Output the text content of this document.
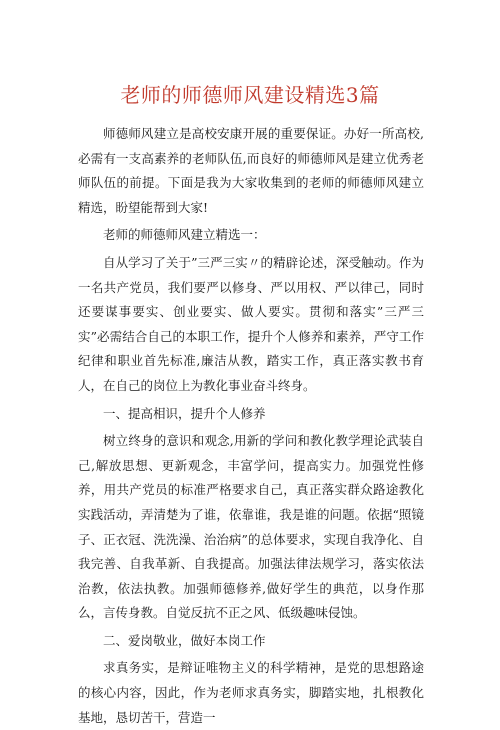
老师的师德师风建设精选3篇

师德师风建立是高校安康开展的重要保证。办好一所高校,必需有一支高素养的老师队伍,而良好的师德师风是建立优秀老师队伍的前提。下面是我为大家收集到的老师的师德师风建立精选，盼望能帮到大家!

老师的师德师风建立精选一：

自从学习了关于”三严三实〃的精辟论述，深受触动。作为一名共产党员，我们要严以修身、严以用权、严以律己，同时还要谋事要实、创业要实、做人要实。贯彻和落实”三严三实”必需结合自己的本职工作，提升个人修养和素养，严守工作纪律和职业首先标准,廉洁从教，踏实工作，真正落实教书育人，在自己的岗位上为教化事业奋斗终身。

一、提高相识，提升个人修养

树立终身的意识和观念,用新的学问和教化教学理论武装自己,解放思想、更新观念，丰富学问，提高实力。加强党性修养，用共产党员的标准严格要求自己，真正落实群众路途教化实践活动，弄清楚为了谁，依靠谁，我是谁的问题。依据“照镜子、正衣冠、洗洗澡、治治病”的总体要求，实现自我净化、自我完善、自我革新、自我提高。加强法律法规学习，落实依法治教，依法执教。加强师德修养,做好学生的典范，以身作那么，言传身教。自觉反抗不正之风、低级趣味侵蚀。

二、爱岗敬业，做好本岗工作

求真务实，是辩证唯物主义的科学精神，是党的思想路途的核心内容，因此，作为老师求真务实，脚踏实地，扎根教化基地，恳切苦干，营造一
